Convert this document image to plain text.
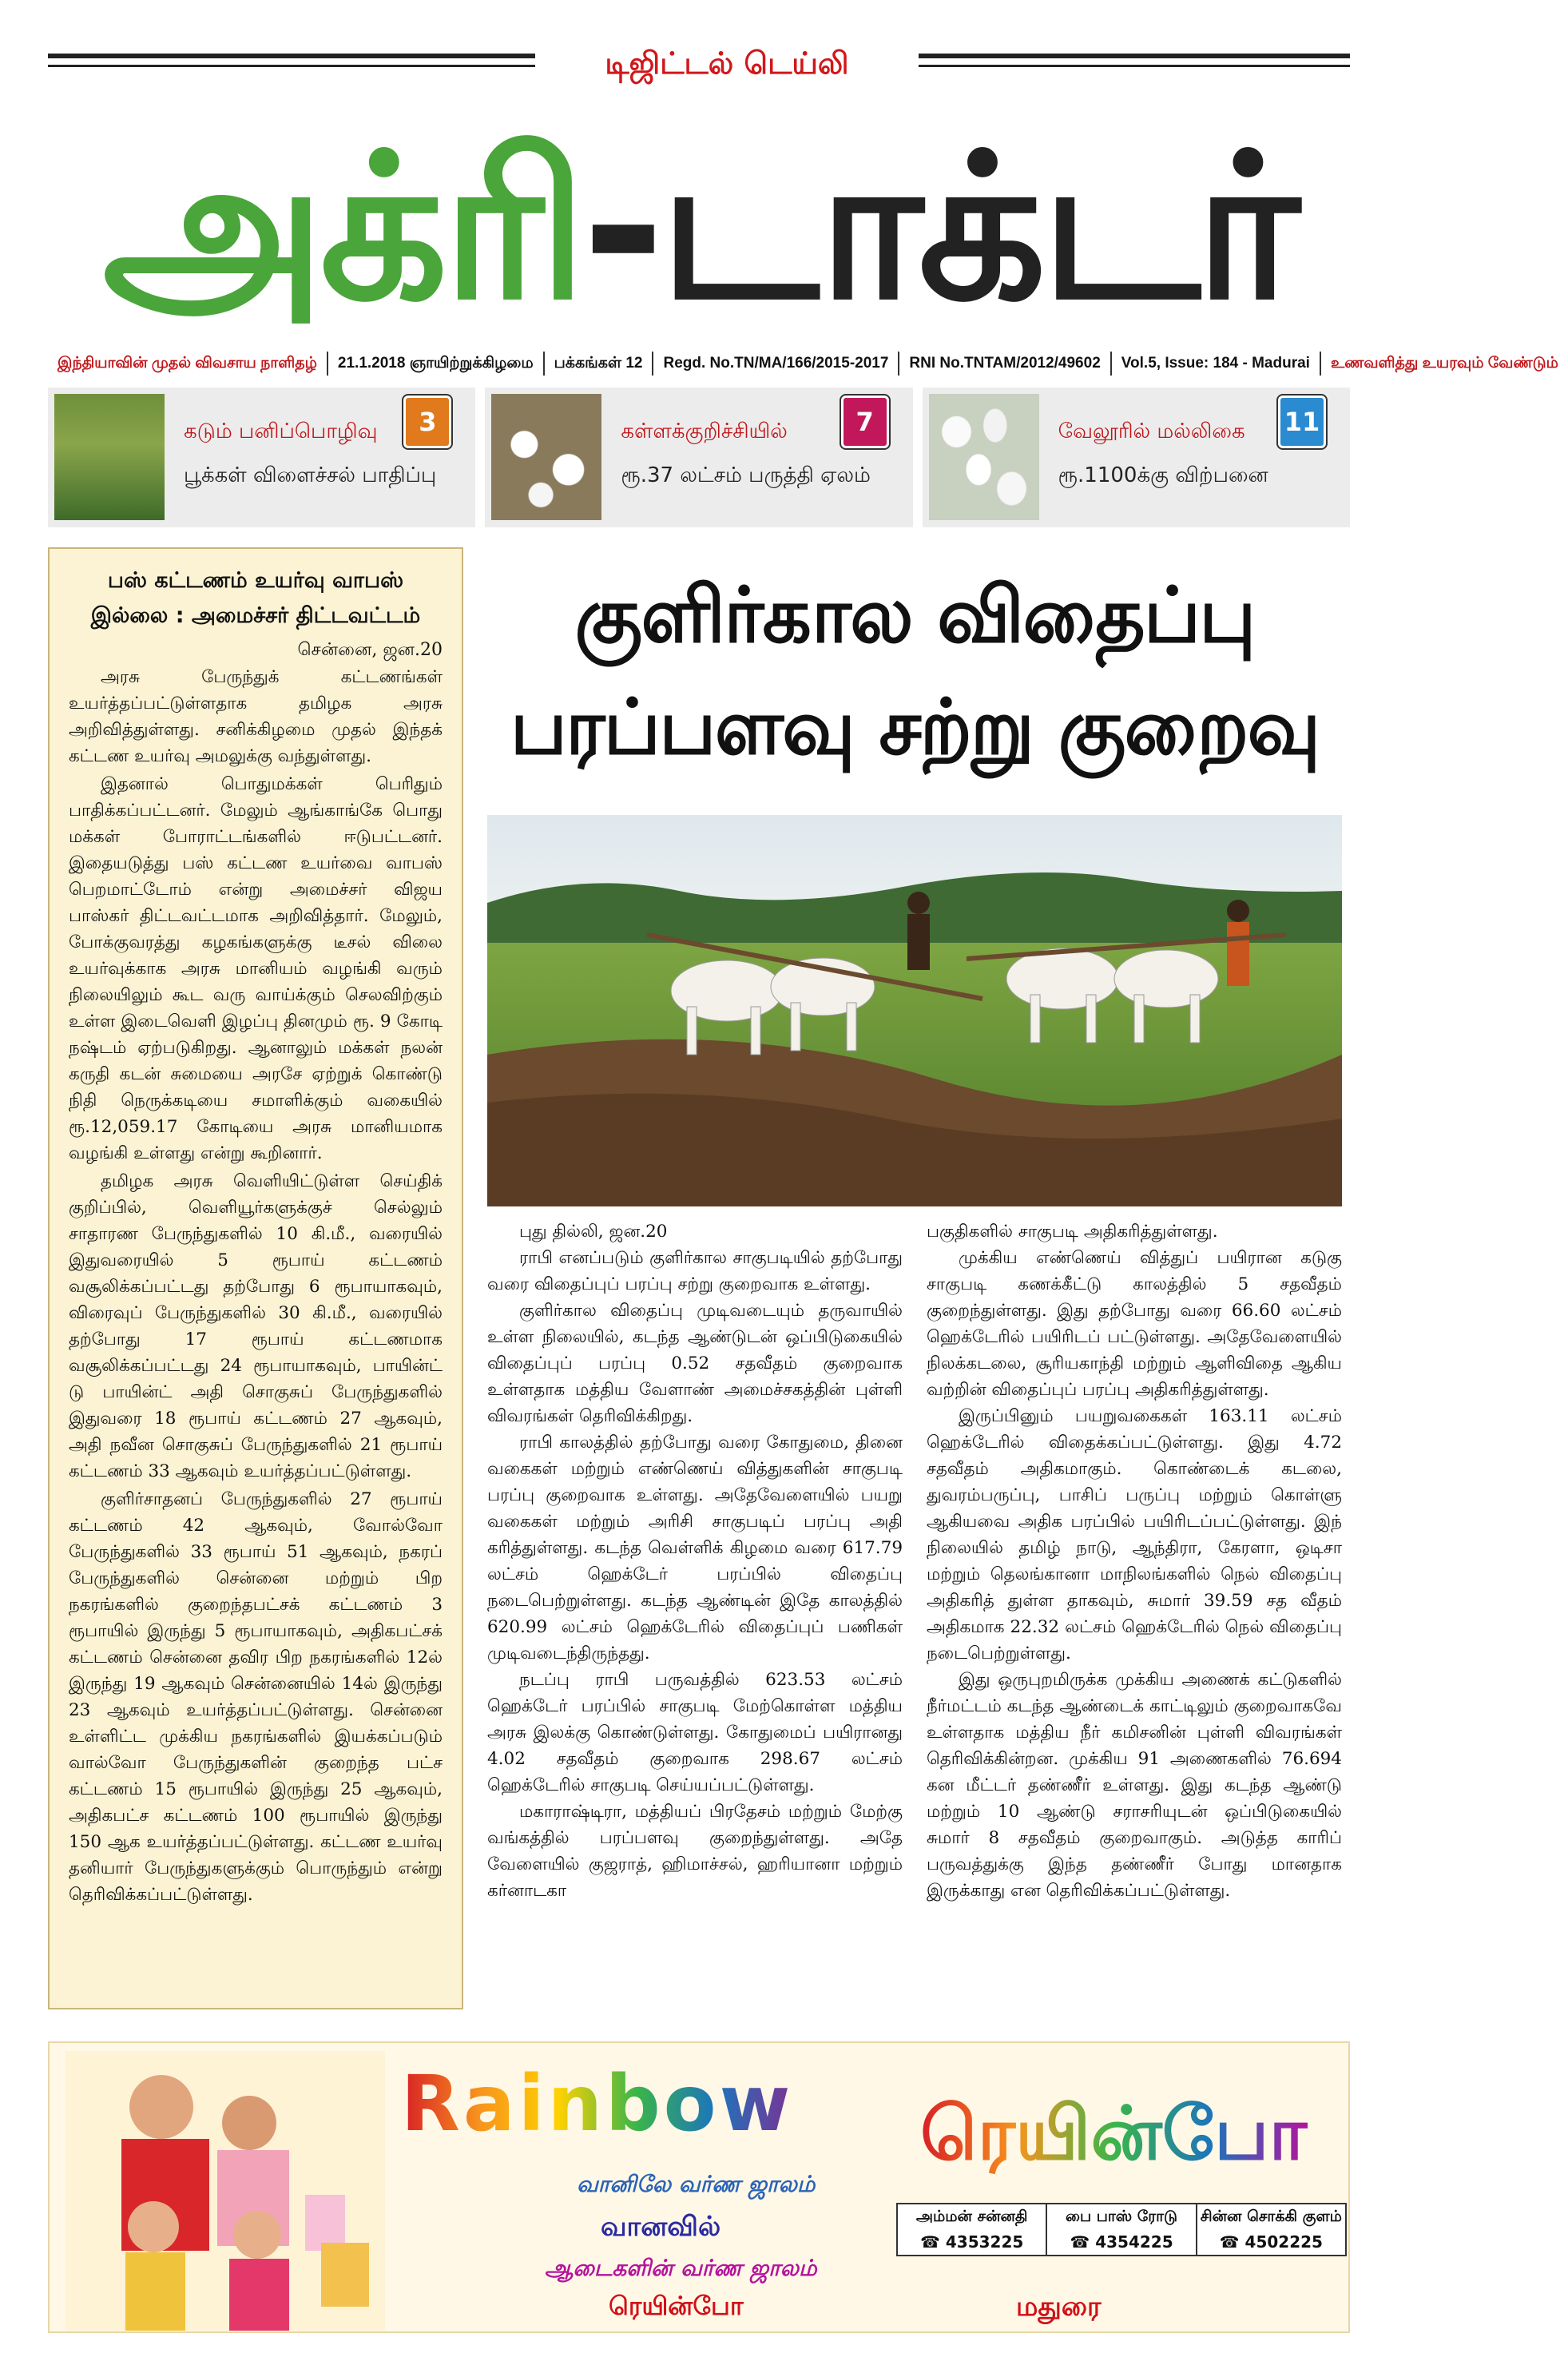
டிஜிட்டல் டெய்லி
அக்ரி-டாக்டர்
இந்தியாவின் முதல் விவசாய நாளிதழ்	21.1.2018 ஞாயிற்றுக்கிழமை	பக்கங்கள் 12	Regd. No.TN/MA/166/2015-2017	RNI No.TNTAM/2012/49602	Vol.5, Issue: 184 - Madurai	உணவளித்து உயரவும் வேண்டும்
கடும் பனிப்பொழிவு
பூக்கள் விளைச்சல் பாதிப்பு
3	கள்ளக்குறிச்சியில்
ரூ.37 லட்சம் பருத்தி ஏலம்
7	வேலூரில் மல்லிகை
ரூ.1100க்கு விற்பனை
11
பஸ் கட்டணம் உயர்வு வாபஸ்
இல்லை : அமைச்சர் திட்டவட்டம்
சென்னை, ஜன.20

அரசு பேருந்துக் கட்டணங்கள் உயர்த்தப்பட்டுள்ளதாக தமிழக அரசு அறிவித்துள்ளது. சனிக்கிழமை முதல் இந்தக் கட்டண உயர்வு அமலுக்கு வந்துள்ளது.

இதனால் பொதுமக்கள் பெரிதும் பாதிக்கப்பட்டனர். மேலும் ஆங்காங்கே பொது மக்கள் போராட்டங்களில் ஈடுபட்டனர். இதையடுத்து பஸ் கட்டண உயர்வை வாபஸ் பெறமாட்டோம் என்று அமைச்சர் விஜய பாஸ்கர் திட்டவட்டமாக அறிவித்தார். மேலும், போக்குவரத்து கழகங்களுக்கு டீசல் விலை உயர்வுக்காக அரசு மானியம் வழங்கி வரும் நிலையிலும் கூட வரு வாய்க்கும் செலவிற்கும் உள்ள இடைவெளி இழப்பு தினமும் ரூ. 9 கோடி நஷ்டம் ஏற்படுகிறது. ஆனாலும் மக்கள் நலன் கருதி கடன் சுமையை அரசே ஏற்றுக் கொண்டு நிதி நெருக்கடியை சமாளிக்கும் வகையில் ரூ.12,059.17 கோடியை அரசு மானியமாக வழங்கி உள்ளது என்று கூறினார்.

தமிழக அரசு வெளியிட்டுள்ள செய்திக் குறிப்பில், வெளியூர்களுக்குச் செல்லும் சாதாரண பேருந்துகளில் 10 கி.மீ., வரையில் இதுவரையில் 5 ரூபாய் கட்டணம் வசூலிக்கப்பட்டது தற்போது 6 ரூபாயாகவும், விரைவுப் பேருந்துகளில் 30 கி.மீ., வரையில் தற்போது 17 ரூபாய் கட்டணமாக வசூலிக்கப்பட்டது 24 ரூபாயாகவும், பாயின்ட் டு பாயின்ட் அதி சொகுசுப் பேருந்துகளில் இதுவரை 18 ரூபாய் கட்டணம் 27 ஆகவும், அதி நவீன சொகுசுப் பேருந்துகளில் 21 ரூபாய் கட்டணம் 33 ஆகவும் உயர்த்தப்பட்டுள்ளது.

குளிர்சாதனப் பேருந்துகளில் 27 ரூபாய் கட்டணம் 42 ஆகவும், வோல்வோ பேருந்துகளில் 33 ரூபாய் 51 ஆகவும், நகரப் பேருந்துகளில் சென்னை மற்றும் பிற நகரங்களில் குறைந்தபட்சக் கட்டணம் 3 ரூபாயில் இருந்து 5 ரூபாயாகவும், அதிகபட்சக் கட்டணம் சென்னை தவிர பிற நகரங்களில் 12ல் இருந்து 19 ஆகவும் சென்னையில் 14ல் இருந்து 23 ஆகவும் உயர்த்தப்பட்டுள்ளது. சென்னை உள்ளிட்ட முக்கிய நகரங்களில் இயக்கப்படும் வால்வோ பேருந்துகளின் குறைந்த பட்ச கட்டணம் 15 ரூபாயில் இருந்து 25 ஆகவும், அதிகபட்ச கட்டணம் 100 ரூபாயில் இருந்து 150 ஆக உயர்த்தப்பட்டுள்ளது. கட்டண உயர்வு தனியார் பேருந்துகளுக்கும் பொருந்தும் என்று தெரிவிக்கப்பட்டுள்ளது.

குளிர்கால விதைப்பு
பரப்பளவு சற்று குறைவு

புது தில்லி, ஜன.20

ராபி எனப்படும் குளிர்கால சாகுபடியில் தற்போது வரை விதைப்புப் பரப்பு சற்று குறைவாக உள்ளது.

குளிர்கால விதைப்பு முடிவடையும் தருவாயில் உள்ள நிலையில், கடந்த ஆண்டுடன் ஒப்பிடுகையில் விதைப்புப் பரப்பு 0.52 சதவீதம் குறைவாக உள்ளதாக மத்திய வேளாண் அமைச்சகத்தின் புள்ளி விவரங்கள் தெரிவிக்கிறது.

ராபி காலத்தில் தற்போது வரை கோதுமை, தினை வகைகள் மற்றும் எண்ணெய் வித்துகளின் சாகுபடி பரப்பு குறைவாக உள்ளது. அதேவேளையில் பயறு வகைகள் மற்றும் அரிசி சாகுபடிப் பரப்பு அதி கரித்துள்ளது. கடந்த வெள்ளிக் கிழமை வரை 617.79 லட்சம் ஹெக்டேர் பரப்பில் விதைப்பு நடைபெற்றுள்ளது. கடந்த ஆண்டின் இதே காலத்தில் 620.99 லட்சம் ஹெக்டேரில் விதைப்புப் பணிகள் முடிவடைந்திருந்தது.

நடப்பு ராபி பருவத்தில் 623.53 லட்சம் ஹெக்டேர் பரப்பில் சாகுபடி மேற்கொள்ள மத்திய அரசு இலக்கு கொண்டுள்ளது. கோதுமைப் பயிரானது 4.02 சதவீதம் குறைவாக 298.67 லட்சம் ஹெக்டேரில் சாகுபடி செய்யப்பட்டுள்ளது.

மகாராஷ்டிரா, மத்தியப் பிரதேசம் மற்றும் மேற்கு வங்கத்தில் பரப்பளவு குறைந்துள்ளது. அதே வேளையில் குஜராத், ஹிமாச்சல், ஹரியானா மற்றும் கர்னாடகா

பகுதிகளில் சாகுபடி அதிகரித்துள்ளது.

முக்கிய எண்ணெய் வித்துப் பயிரான கடுகு சாகுபடி கணக்கீட்டு காலத்தில் 5 சதவீதம் குறைந்துள்ளது. இது தற்போது வரை 66.60 லட்சம் ஹெக்டேரில் பயிரிடப் பட்டுள்ளது. அதேவேளையில் நிலக்கடலை, சூரியகாந்தி மற்றும் ஆளிவிதை ஆகிய வற்றின் விதைப்புப் பரப்பு அதிகரித்துள்ளது.

இருப்பினும் பயறுவகைகள் 163.11 லட்சம் ஹெக்டேரில் விதைக்கப்பட்டுள்ளது. இது 4.72 சதவீதம் அதிகமாகும். கொண்டைக் கடலை, துவரம்பருப்பு, பாசிப் பருப்பு மற்றும் கொள்ளு ஆகியவை அதிக பரப்பில் பயிரிடப்பட்டுள்ளது. இந் நிலையில் தமிழ் நாடு, ஆந்திரா, கேரளா, ஒடிசா மற்றும் தெலங்கானா மாநிலங்களில் நெல் விதைப்பு அதிகரித் துள்ள தாகவும், சுமார் 39.59 சத வீதம் அதிகமாக 22.32 லட்சம் ஹெக்டேரில் நெல் விதைப்பு நடைபெற்றுள்ளது.

இது ஒருபுறமிருக்க முக்கிய அணைக் கட்டுகளில் நீர்மட்டம் கடந்த ஆண்டைக் காட்டிலும் குறைவாகவே உள்ளதாக மத்திய நீர் கமிசனின் புள்ளி விவரங்கள் தெரிவிக்கின்றன. முக்கிய 91 அணைகளில் 76.694 கன மீட்டர் தண்ணீர் உள்ளது. இது கடந்த ஆண்டு மற்றும் 10 ஆண்டு சராசரியுடன் ஒப்பிடுகையில் சுமார் 8 சதவீதம் குறைவாகும். அடுத்த காரிப் பருவத்துக்கு இந்த தண்ணீர் போது மானதாக இருக்காது என தெரிவிக்கப்பட்டுள்ளது.

Rainbow
வானிலே வர்ண ஜாலம்
வானவில்
ஆடைகளின் வர்ண ஜாலம்
ரெயின்போ
ரெயின்போ
அம்மன் சன்னதி
☎ 4353225
பை பாஸ் ரோடு
☎ 4354225
சின்ன சொக்கி குளம்
☎ 4502225
மதுரை
